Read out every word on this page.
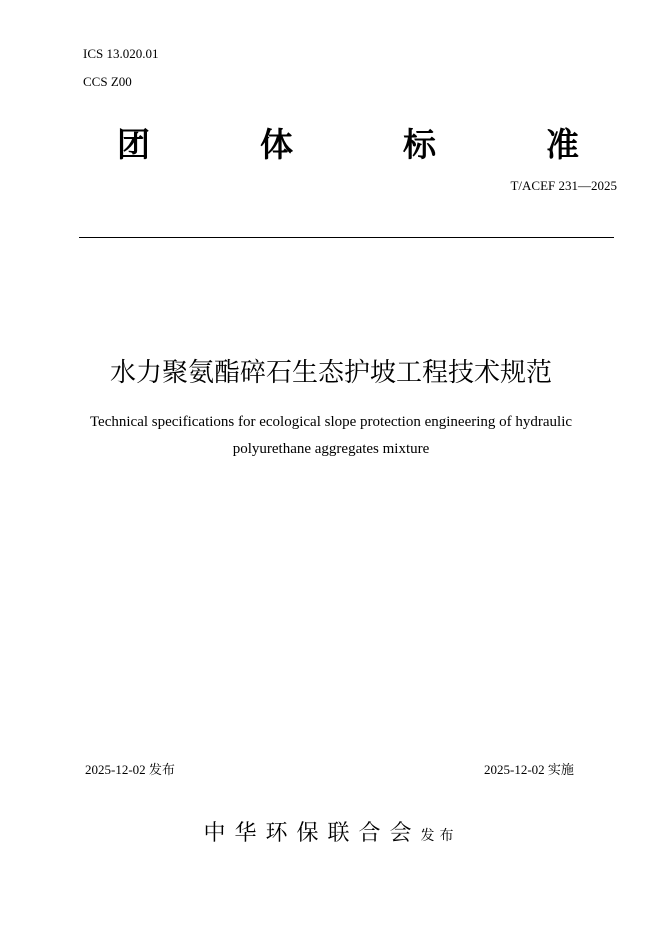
ICS 13.020.01
CCS Z00
团	体	标	准
T/ACEF 231—2025
水力聚氨酯碎石生态护坡工程技术规范
Technical specifications for ecological slope protection engineering of hydraulic polyurethane aggregates mixture
2025-12-02 发布	2025-12-02 实施
中华环保联合会发布
